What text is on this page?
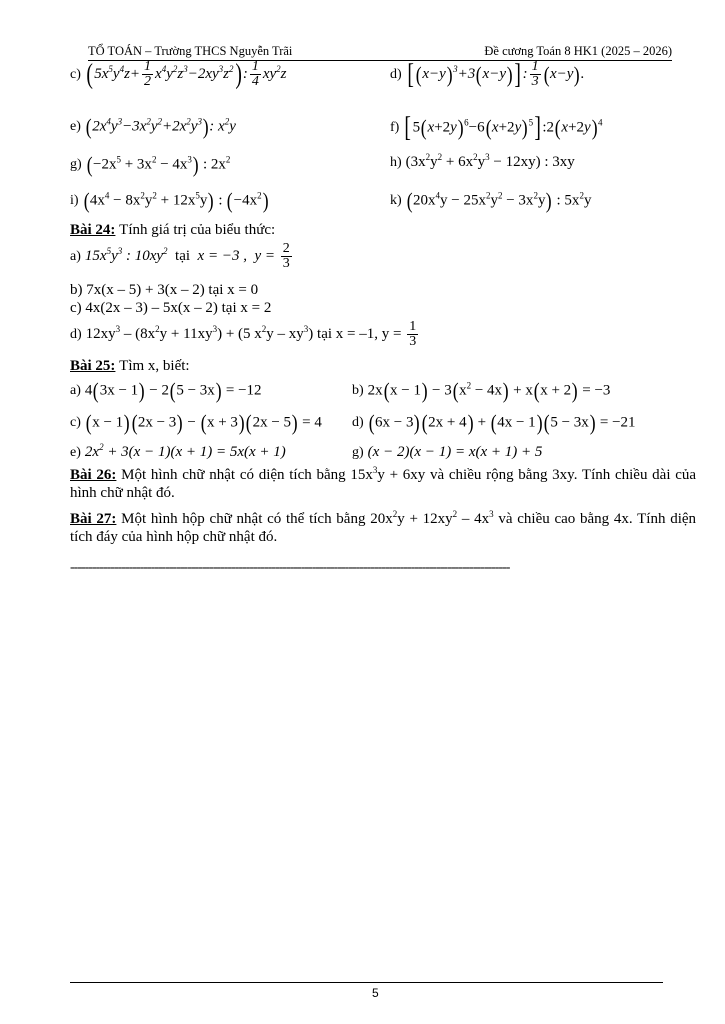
TỔ TOÁN – Trường THCS Nguyễn Trãi	Đề cương Toán 8 HK1 (2025 – 2026)
c) $(5x^5y^4z+ \frac{1}{2} x^4y^2z^3-2xy^3z^2)$: $\frac{1}{4} xy^2z$	d) $[(x-y)^3+3(x-y)]$: $\frac{1}{3} (x-y)$.
e) $(2x^4y^3-3x^2y^2+2x^2y^3)$: $x^2y$	f) $[5(x+2y)^6-6(x+2y)^5]:2(x+2y)^4$
g) $(-2x^5 + 3x^2 - 4x^3)$ : $2x^2$	h) $(3x^2y^2 + 6x^2y^3 - 12xy)$ : 3xy
i) $(4x^4 - 8x^2y^2 + 12x^5y)$ : $(-4x^2)$	k) $(20x^4y - 25x^2y^2 - 3x^2y)$ : $5x^2y$
Bài 24:
Tính giá trị của biểu thức:
a) $15x^5y^3$ : $10xy^2$ tại  x = −3 ,  $y = \frac{2}{3}$
b) 7x(x – 5) + 3(x – 2) tại x = 0
c) 4x(2x – 3) – 5x(x – 2) tại x = 2
d) $12xy^3 - (8x^2y + 11xy^3) + (5$ $x^2y - xy^3$) tại x = –1, $y = \frac{1}{3}$
Bài 25:
Tìm x, biết:
a) 4(3x − 1) − 2(5 − 3x) = −12	b) $2x(x - 1) - 3(x^2 - 4x) + x(x + 2) = -3$
c) (x − 1)(2x − 3) − (x + 3)(2x − 5) = 4 d) (6x − 3)(2x + 4) + (4x − 1)(5 − 3x) = −21
e) $2x^2 + 3(x - 1)(x + 1) = 5x(x + 1)$	g) (x − 2)(x − 1) = x(x + 1) + 5
Bài 26: Một hình chữ nhật có diện tích bằng $15x^3y + 6xy$ và chiều rộng bằng 3xy. Tính chiều dài của hình chữ nhật đó.
Bài 27: Một hình hộp chữ nhật có thể tích bằng $20x^2y + 12xy^2 - 4x^3$ và chiều cao bằng 4x. Tính diện tích đáy của hình hộp chữ nhật đó.
------------------------------------------------------------------------------------------------------------------------
5
